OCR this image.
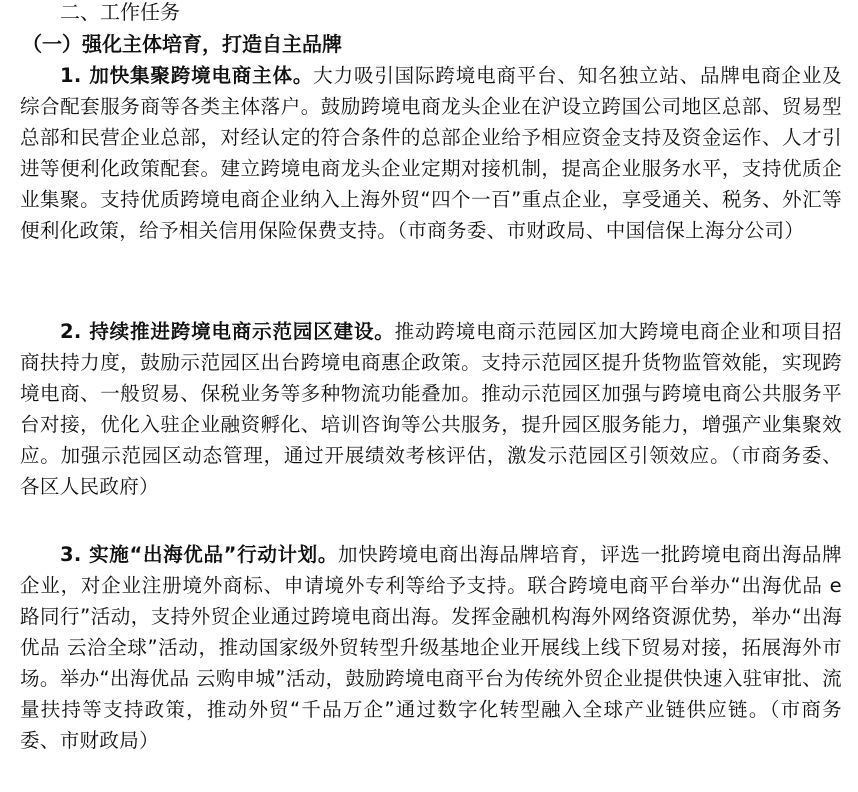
二、工作任务
（一）强化主体培育，打造自主品牌

1. 加快集聚跨境电商主体。大力吸引国际跨境电商平台、知名独立站、品牌电商企业及综合配套服务商等各类主体落户。鼓励跨境电商龙头企业在沪设立跨国公司地区总部、贸易型总部和民营企业总部，对经认定的符合条件的总部企业给予相应资金支持及资金运作、人才引进等便利化政策配套。建立跨境电商龙头企业定期对接机制，提高企业服务水平，支持优质企业集聚。支持优质跨境电商企业纳入上海外贸“四个一百”重点企业，享受通关、税务、外汇等便利化政策，给予相关信用保险保费支持。（市商务委、市财政局、中国信保上海分公司）

2. 持续推进跨境电商示范园区建设。推动跨境电商示范园区加大跨境电商企业和项目招商扶持力度，鼓励示范园区出台跨境电商惠企政策。支持示范园区提升货物监管效能，实现跨境电商、一般贸易、保税业务等多种物流功能叠加。推动示范园区加强与跨境电商公共服务平台对接，优化入驻企业融资孵化、培训咨询等公共服务，提升园区服务能力，增强产业集聚效应。加强示范园区动态管理，通过开展绩效考核评估，激发示范园区引领效应。（市商务委、各区人民政府）

3. 实施“出海优品”行动计划。加快跨境电商出海品牌培育，评选一批跨境电商出海品牌企业，对企业注册境外商标、申请境外专利等给予支持。联合跨境电商平台举办“出海优品 e路同行”活动，支持外贸企业通过跨境电商出海。发挥金融机构海外网络资源优势，举办“出海优品 云洽全球”活动，推动国家级外贸转型升级基地企业开展线上线下贸易对接，拓展海外市场。举办“出海优品 云购申城”活动，鼓励跨境电商平台为传统外贸企业提供快速入驻审批、流量扶持等支持政策，推动外贸“千品万企”通过数字化转型融入全球产业链供应链。（市商务委、市财政局）
